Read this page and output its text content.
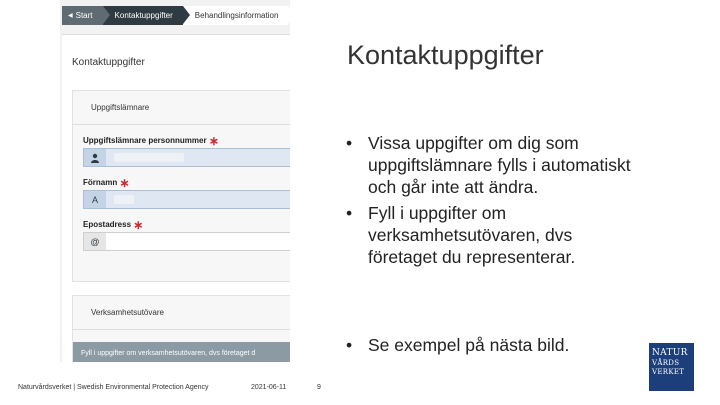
◀ Start	Kontaktuppgifter	Behandlingsinformation
Kontaktuppgifter
Uppgiftslämnare
Uppgiftslämnare personnummer ∗
Förnamn ∗
A
Epostadress ∗
@
Verksamhetsutövare
Fyll i uppgifter om verksamhetsutövaren, dvs företaget d
Kontaktuppgifter
• Vissa uppgifter om dig som uppgiftslämnare fylls i automatiskt och går inte att ändra.
• Fyll i uppgifter om verksamhetsutövaren, dvs företaget du representerar.
• Se exempel på nästa bild.
Naturvårdsverket | Swedish Environmental Protection Agency	2021-06-11	9
NATUR
VÅRDS
VERKET
